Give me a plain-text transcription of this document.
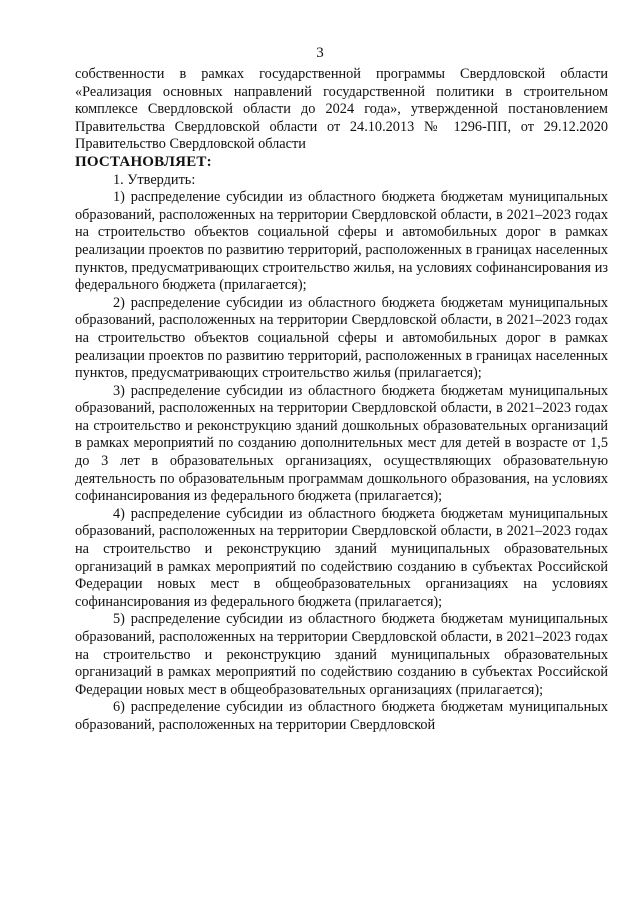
3

собственности в рамках государственной программы Свердловской области «Реализация основных направлений государственной политики в строительном комплексе Свердловской области до 2024 года», утвержденной постановлением Правительства Свердловской области от 24.10.2013 № 1296-ПП, от 29.12.2020 Правительство Свердловской области

ПОСТАНОВЛЯЕТ:

1. Утвердить:

1) распределение субсидии из областного бюджета бюджетам муниципальных образований, расположенных на территории Свердловской области, в 2021–2023 годах на строительство объектов социальной сферы и автомобильных дорог в рамках реализации проектов по развитию территорий, расположенных в границах населенных пунктов, предусматривающих строительство жилья, на условиях софинансирования из федерального бюджета (прилагается);

2) распределение субсидии из областного бюджета бюджетам муниципальных образований, расположенных на территории Свердловской области, в 2021–2023 годах на строительство объектов социальной сферы и автомобильных дорог в рамках реализации проектов по развитию территорий, расположенных в границах населенных пунктов, предусматривающих строительство жилья (прилагается);

3) распределение субсидии из областного бюджета бюджетам муниципальных образований, расположенных на территории Свердловской области, в 2021–2023 годах на строительство и реконструкцию зданий дошкольных образовательных организаций в рамках мероприятий по созданию дополнительных мест для детей в возрасте от 1,5 до 3 лет в образовательных организациях, осуществляющих образовательную деятельность по образовательным программам дошкольного образования, на условиях софинансирования из федерального бюджета (прилагается);

4) распределение субсидии из областного бюджета бюджетам муниципальных образований, расположенных на территории Свердловской области, в 2021–2023 годах на строительство и реконструкцию зданий муниципальных образовательных организаций в рамках мероприятий по содействию созданию в субъектах Российской Федерации новых мест в общеобразовательных организациях на условиях софинансирования из федерального бюджета (прилагается);

5) распределение субсидии из областного бюджета бюджетам муниципальных образований, расположенных на территории Свердловской области, в 2021–2023 годах на строительство и реконструкцию зданий муниципальных образовательных организаций в рамках мероприятий по содействию созданию в субъектах Российской Федерации новых мест в общеобразовательных организациях (прилагается);

6) распределение субсидии из областного бюджета бюджетам муниципальных образований, расположенных на территории Свердловской
